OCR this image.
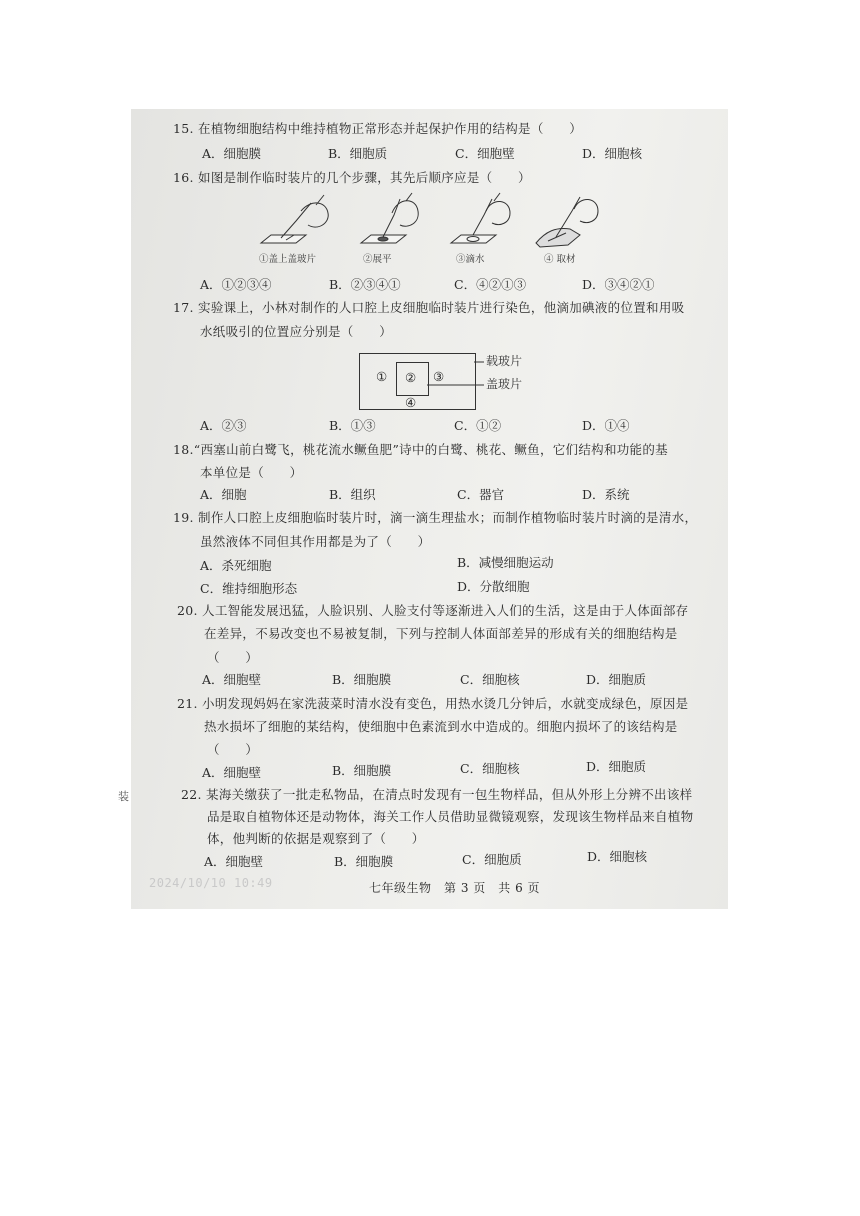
装
15. 在植物细胞结构中维持植物正常形态并起保护作用的结构是（　　）
A．细胞膜	B．细胞质	C．细胞壁	D．细胞核
16. 如图是制作临时装片的几个步骤，其先后顺序应是（　　）
①盖上盖玻片	②展平	③滴水	④ 取材
A．①②③④	B．②③④①	C．④②①③	D．③④②①
17. 实验课上，小林对制作的人口腔上皮细胞临时装片进行染色，他滴加碘液的位置和用吸
水纸吸引的位置应分别是（　　）
① ② ③
④
载玻片
盖玻片
A．②③	B．①③	C．①②	D．①④
18.“西塞山前白鹭飞，桃花流水鳜鱼肥”诗中的白鹭、桃花、鳜鱼，它们结构和功能的基
本单位是（　　）
A．细胞	B．组织	C．器官	D．系统
19. 制作人口腔上皮细胞临时装片时，滴一滴生理盐水；而制作植物临时装片时滴的是清水，
虽然液体不同但其作用都是为了（　　）
A．杀死细胞	B．减慢细胞运动
C．维持细胞形态	D．分散细胞
20. 人工智能发展迅猛，人脸识别、人脸支付等逐渐进入人们的生活，这是由于人体面部存
在差异，不易改变也不易被复制，下列与控制人体面部差异的形成有关的细胞结构是
（　　）
A．细胞壁	B．细胞膜	C．细胞核	D．细胞质
21. 小明发现妈妈在家洗菠菜时清水没有变色，用热水烫几分钟后，水就变成绿色，原因是
热水损坏了细胞的某结构，使细胞中色素流到水中造成的。细胞内损坏了的该结构是
（　　）
A．细胞壁	B．细胞膜	C．细胞核	D．细胞质
22. 某海关缴获了一批走私物品，在清点时发现有一包生物样品，但从外形上分辨不出该样
品是取自植物体还是动物体，海关工作人员借助显微镜观察，发现该生物样品来自植物
体，他判断的依据是观察到了（　　）
A．细胞壁	B．细胞膜	C．细胞质	D．细胞核
2024/10/10 10:49	七年级生物　第 3 页　共 6 页
